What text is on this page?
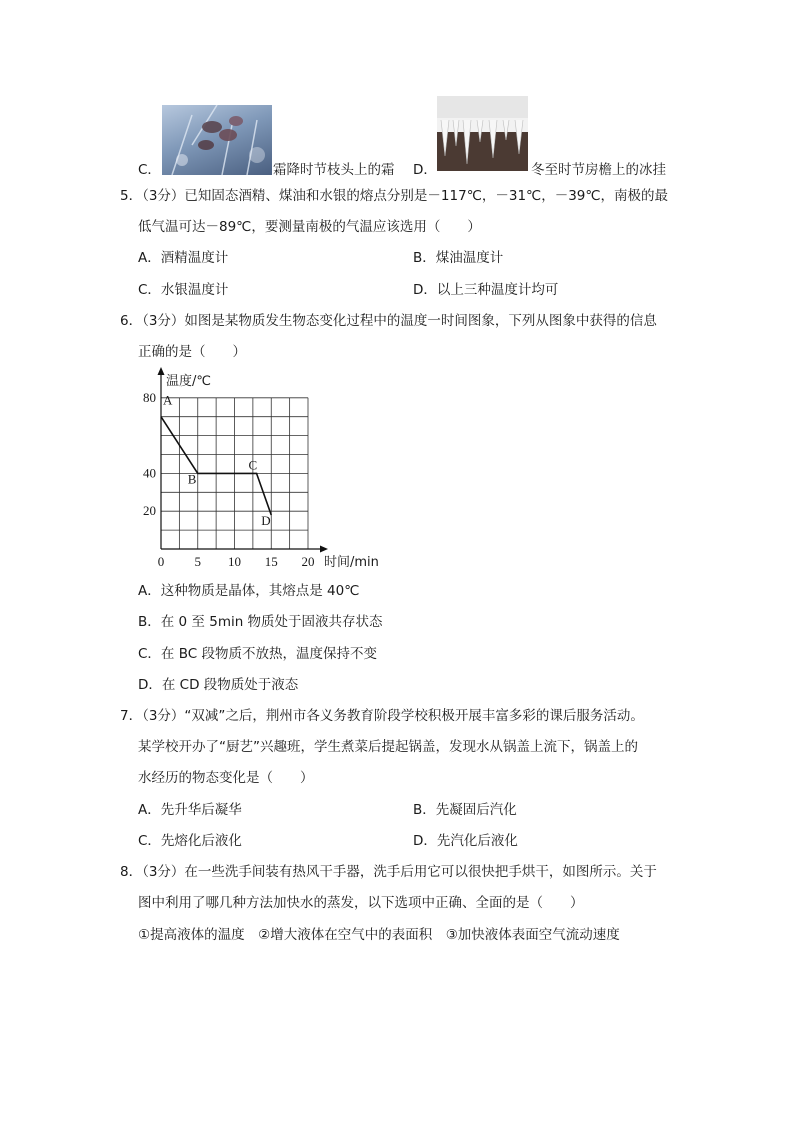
C．	霜降时节枝头上的霜 D．	冬至时节房檐上的冰挂
5．（3分）已知固态酒精、煤油和水银的熔点分别是－117℃，－31℃，－39℃，南极的最
低气温可达－89℃，要测量南极的气温应该选用（　　）
A．酒精温度计	B．煤油温度计
C．水银温度计	D．以上三种温度计均可
6．（3分）如图是某物质发生物态变化过程中的温度一时间图象，下列从图象中获得的信息
正确的是（　　）
温度/℃
时间/min
80
40
20
0 5 10 15 20
A
B
C
D
A．这种物质是晶体，其熔点是 40℃
B．在 0 至 5min 物质处于固液共存状态
C．在 BC 段物质不放热，温度保持不变
D．在 CD 段物质处于液态
7．（3分）“双减”之后，荆州市各义务教育阶段学校积极开展丰富多彩的课后服务活动。
某学校开办了“厨艺”兴趣班，学生煮菜后提起锅盖，发现水从锅盖上流下，锅盖上的
水经历的物态变化是（　　）
A．先升华后凝华	B．先凝固后汽化
C．先熔化后液化	D．先汽化后液化
8．（3分）在一些洗手间装有热风干手器，洗手后用它可以很快把手烘干，如图所示。关于
图中利用了哪几种方法加快水的蒸发，以下选项中正确、全面的是（　　）
①提高液体的温度　②增大液体在空气中的表面积　③加快液体表面空气流动速度
